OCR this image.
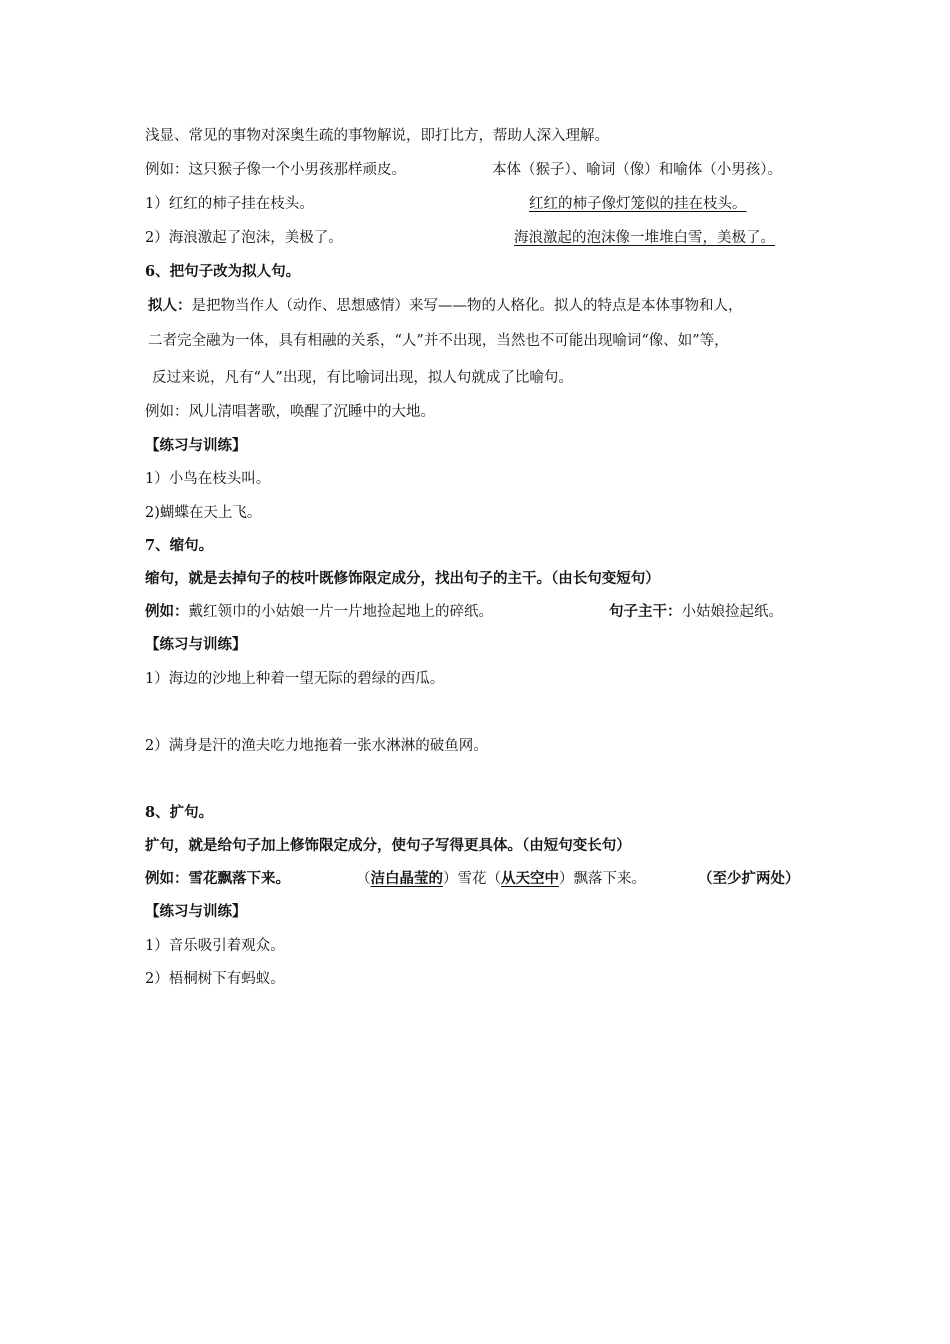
浅显、常见的事物对深奥生疏的事物解说，即打比方，帮助人深入理解。
例如：这只猴子像一个小男孩那样顽皮。	本体（猴子）、喻词（像）和喻体（小男孩）。
1）红红的柿子挂在枝头。	红红的柿子像灯笼似的挂在枝头。
2）海浪激起了泡沫，美极了。	海浪激起的泡沫像一堆堆白雪，美极了。
6、把句子改为拟人句。
拟人：是把物当作人（动作、思想感情）来写——物的人格化。拟人的特点是本体事物和人，
二者完全融为一体，具有相融的关系，“人”并不出现，当然也不可能出现喻词“像、如”等，
反过来说，凡有“人”出现，有比喻词出现，拟人句就成了比喻句。
例如：风儿清唱著歌，唤醒了沉睡中的大地。
【练习与训练】
1）小鸟在枝头叫。
2)蝴蝶在天上飞。
7、缩句。
缩句，就是去掉句子的枝叶既修饰限定成分，找出句子的主干。（由长句变短句）
例如：戴红领巾的小姑娘一片一片地捡起地上的碎纸。	句子主干：小姑娘捡起纸。
【练习与训练】
1）海边的沙地上种着一望无际的碧绿的西瓜。
2）满身是汗的渔夫吃力地拖着一张水淋淋的破鱼网。
8、扩句。
扩句，就是给句子加上修饰限定成分，使句子写得更具体。（由短句变长句）
例如：雪花飘落下来。	（洁白晶莹的）雪花（从天空中）飘落下来。	（至少扩两处）
【练习与训练】
1）音乐吸引着观众。
2）梧桐树下有蚂蚁。
